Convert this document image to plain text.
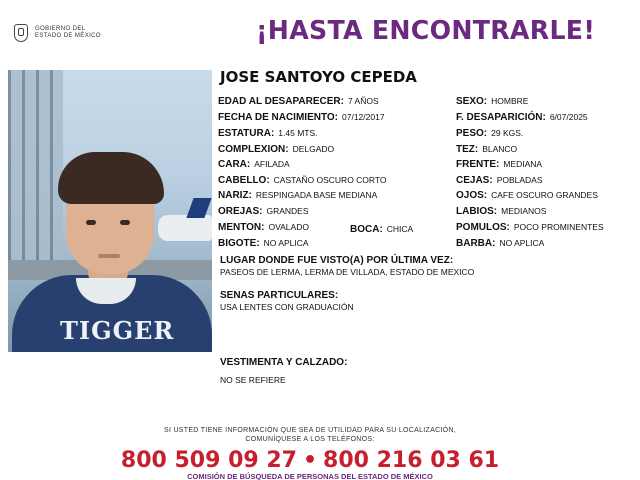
GOBIERNO DEL
ESTADO DE MÉXICO	¡HASTA ENCONTRARLE!
TIGGER
JOSE SANTOYO CEPEDA
EDAD AL DESAPARECER: 7 AÑOS
FECHA DE NACIMIENTO: 07/12/2017
ESTATURA: 1.45 MTS.
COMPLEXION: DELGADO
CARA: AFILADA
CABELLO: CASTAÑO OSCURO CORTO
NARIZ: RESPINGADA BASE MEDIANA
OREJAS: GRANDES
MENTON: OVALADO	BOCA: CHICA
BIGOTE: NO APLICA
SEXO: HOMBRE
F. DESAPARICIÓN: 6/07/2025
PESO: 29 KGS.
TEZ: BLANCO
FRENTE: MEDIANA
CEJAS: POBLADAS
OJOS: CAFE OSCURO GRANDES
LABIOS: MEDIANOS
POMULOS: POCO PROMINENTES
BARBA: NO APLICA
LUGAR DONDE FUE VISTO(A) POR ÚLTIMA VEZ:
PASEOS DE LERMA, LERMA DE VILLADA, ESTADO DE MEXICO
SENAS PARTICULARES:
USA LENTES CON GRADUACIÓN
VESTIMENTA Y CALZADO:
NO SE REFIERE
SI USTED TIENE INFORMACIÓN QUE SEA DE UTILIDAD PARA SU LOCALIZACIÓN,
COMUNÍQUESE A LOS TELÉFONOS:
800 509 09 27 • 800 216 03 61
COMISIÓN DE BÚSQUEDA DE PERSONAS DEL ESTADO DE MÉXICO
